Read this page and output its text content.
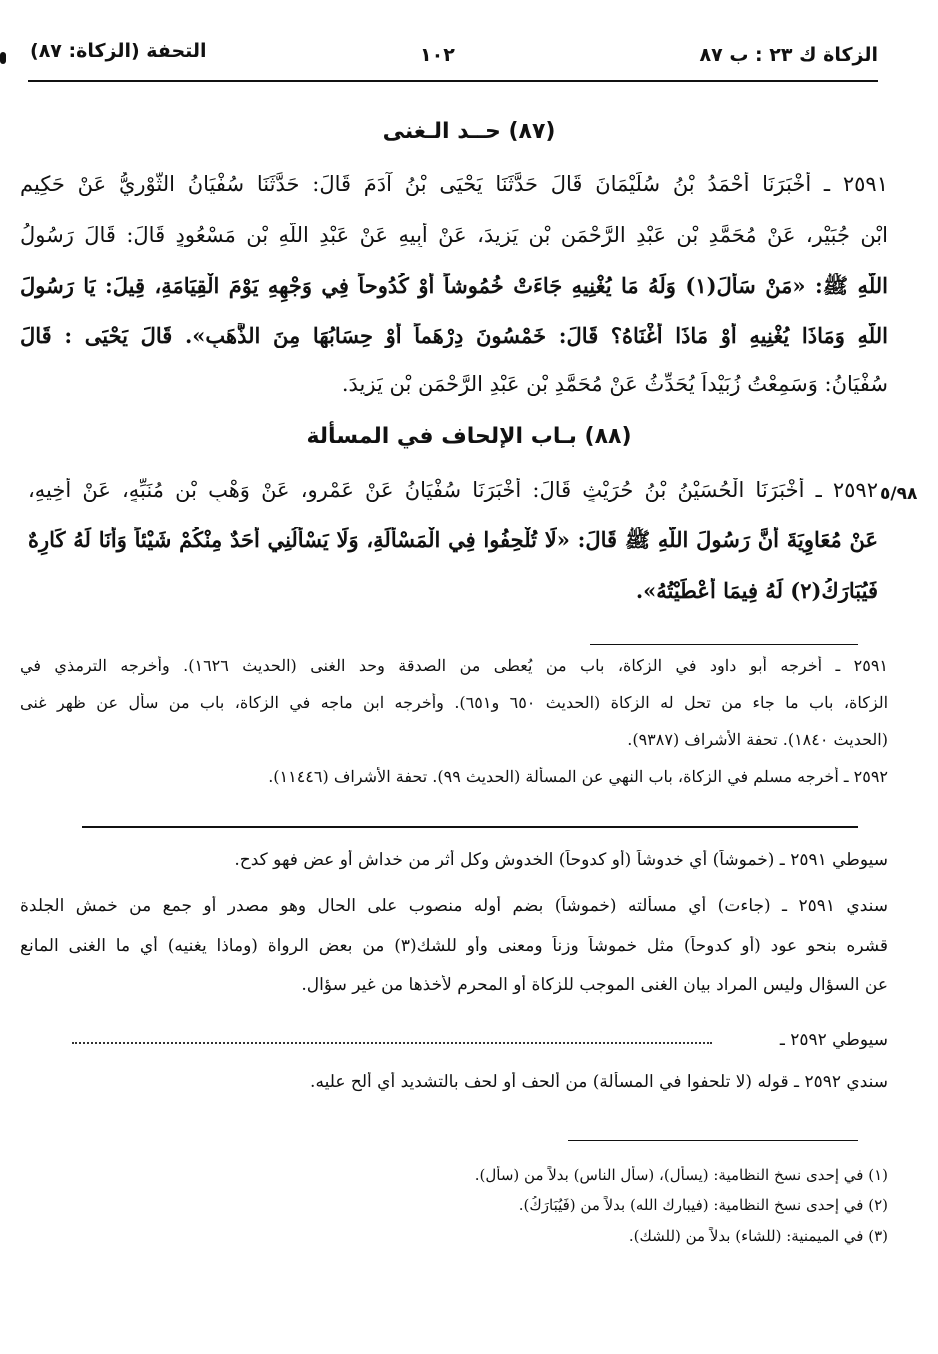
الزكاة ك ٢٣ : ب ٨٧
١٠٢
التحفة (الزكاة: ٨٧)
(٨٧) حــد الـغنى
٢٥٩١ ـ أَخْبَرَنَا أَحْمَدُ بْنُ سُلَيْمَانَ قَالَ حَدَّثَنَا يَحْيَى بْنُ آدَمَ قَالَ: حَدَّثَنَا سُفْيَانُ الثَّوْرِيُّ عَنْ حَكِيمِ
ابْنِ جُبَيْرٍ، عَنْ مُحَمَّدِ بْنِ عَبْدِ الرَّحْمَنِ بْنِ يَزِيدَ، عَنْ أَبِيهِ عَنْ عَبْدِ اللَّهِ بْنِ مَسْعُودٍ قَالَ: قَالَ رَسُولُ
اللَّهِ ﷺ: «مَنْ سَأَلَ(١) وَلَهُ مَا يُغْنِيهِ جَاءَتْ خُمُوشاً أَوْ كُدُوحاً فِي وَجْهِهِ يَوْمَ الْقِيَامَةِ، قِيلَ: يَا رَسُولَ
اللَّهِ وَمَاذَا يُغْنِيهِ أَوْ مَاذَا أَغْنَاهُ؟ قَالَ: خَمْسُونَ دِرْهَماً أَوْ حِسَابُهَا مِنَ الذَّهَبِ». قَالَ يَحْيَى : قَالَ
سُفْيَانُ: وَسَمِعْتُ زُبَيْداً يُحَدِّثُ عَنْ مُحَمَّدِ بْنِ عَبْدِ الرَّحْمَنِ بْنِ يَزِيدَ.
(٨٨) بـاب الإلحاف في المسألة
٥/٩٨
٢٥٩٢ ـ أَخْبَرَنَا الْحُسَيْنُ بْنُ حُرَيْثٍ قَالَ: أَخْبَرَنَا سُفْيَانُ عَنْ عَمْرٍو، عَنْ وَهْبِ بْنِ مُنَبِّهٍ، عَنْ أَخِيهِ،
عَنْ مُعَاوِيَةَ أَنَّ رَسُولَ اللَّهِ ﷺ قَالَ: «لَا تُلْحِفُوا فِي الْمَسْأَلَةِ، وَلَا يَسْأَلُنِي أَحَدٌ مِنْكُمْ شَيْئاً وَأَنَا لَهُ كَارِهٌ
فَيُبَارَكُ(٢) لَهُ فِيمَا أَعْطَيْتُهُ».
٢٥٩١ ـ أخرجه أبو داود في الزكاة، باب من يُعطى من الصدقة وحد الغنى (الحديث ١٦٢٦). وأخرجه الترمذي في
الزكاة، باب ما جاء من تحل له الزكاة (الحديث ٦٥٠ و٦٥١). وأخرجه ابن ماجه في الزكاة، باب من سأل عن ظهر غنى
(الحديث ١٨٤٠). تحفة الأشراف (٩٣٨٧).
٢٥٩٢ ـ أخرجه مسلم في الزكاة، باب النهي عن المسألة (الحديث ٩٩). تحفة الأشراف (١١٤٤٦).
سيوطي ٢٥٩١ ـ (خموشاً) أي خدوشاً (أو كدوحاً) الخدوش وكل أثر من خداش أو عض فهو كدح.
سندي ٢٥٩١ ـ (جاءت) أي مسألته (خموشاً) بضم أوله منصوب على الحال وهو مصدر أو جمع من خمش الجلدة
قشره بنحو عود (أو كدوحاً) مثل خموشاً وزناً ومعنى وأو للشك(٣) من بعض الرواة (وماذا يغنيه) أي ما الغنى المانع
عن السؤال وليس المراد بيان الغنى الموجب للزكاة أو المحرم لأخذها من غير سؤال.
سيوطي ٢٥٩٢ ـ
سندي ٢٥٩٢ ـ قوله (لا تلحفوا في المسألة) من ألحف أو لحف بالتشديد أي ألح عليه.
(١) في إحدى نسخ النظامية: (يسأل)، (سأل الناس) بدلاً من (سأل).
(٢) في إحدى نسخ النظامية: (فيبارك الله) بدلاً من (فَيُبَارَكُ).
(٣) في الميمنية: (للشاء) بدلاً من (للشك).
